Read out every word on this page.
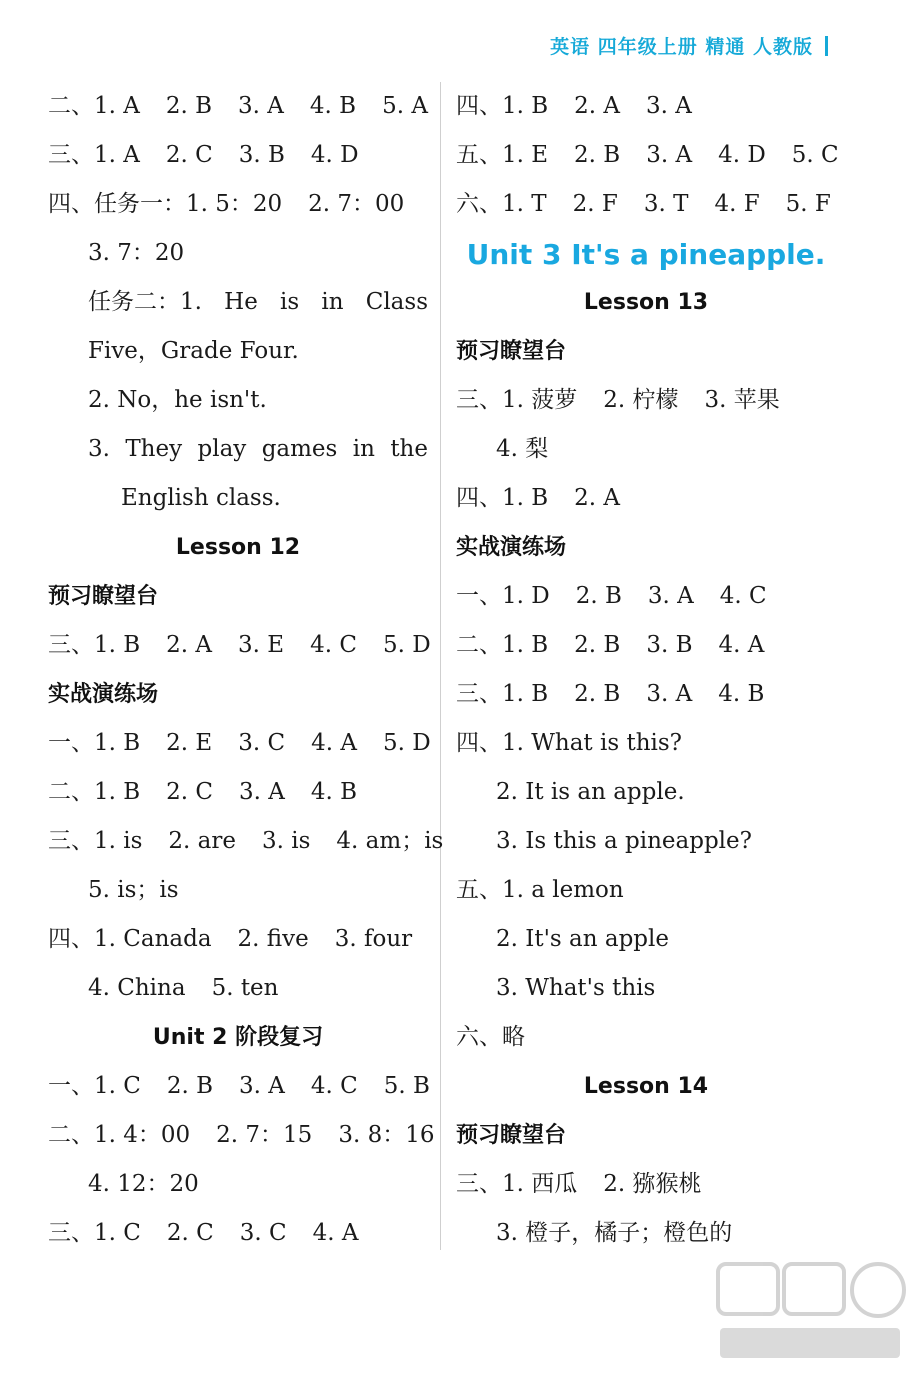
英语 四年级上册 精通 人教版
二、1. A 2. B 3. A 4. B 5. A
三、1. A 2. C 3. B 4. D
四、任务一：1. 5：20 2. 7：00
3. 7：20
任务二：1. He is in Class
Five，Grade Four.
2. No，he isn't.
3. They play games in the
English class.
Lesson 12
预习瞭望台
三、1. B 2. A 3. E 4. C 5. D
实战演练场
一、1. B 2. E 3. C 4. A 5. D
二、1. B 2. C 3. A 4. B
三、1. is 2. are 3. is 4. am；is
5. is；is
四、1. Canada 2. five 3. four
4. China 5. ten
Unit 2 阶段复习
一、1. C 2. B 3. A 4. C 5. B
二、1. 4：00 2. 7：15 3. 8：16
4. 12：20
三、1. C 2. C 3. C 4. A
四、1. B 2. A 3. A
五、1. E 2. B 3. A 4. D 5. C
六、1. T 2. F 3. T 4. F 5. F
Unit 3 It's a pineapple.
Lesson 13
预习瞭望台
三、1. 菠萝 2. 柠檬 3. 苹果
4. 梨
四、1. B 2. A
实战演练场
一、1. D 2. B 3. A 4. C
二、1. B 2. B 3. B 4. A
三、1. B 2. B 3. A 4. B
四、1. What is this?
2. It is an apple.
3. Is this a pineapple?
五、1. a lemon
2. It's an apple
3. What's this
六、略
Lesson 14
预习瞭望台
三、1. 西瓜 2. 猕猴桃
3. 橙子，橘子；橙色的
